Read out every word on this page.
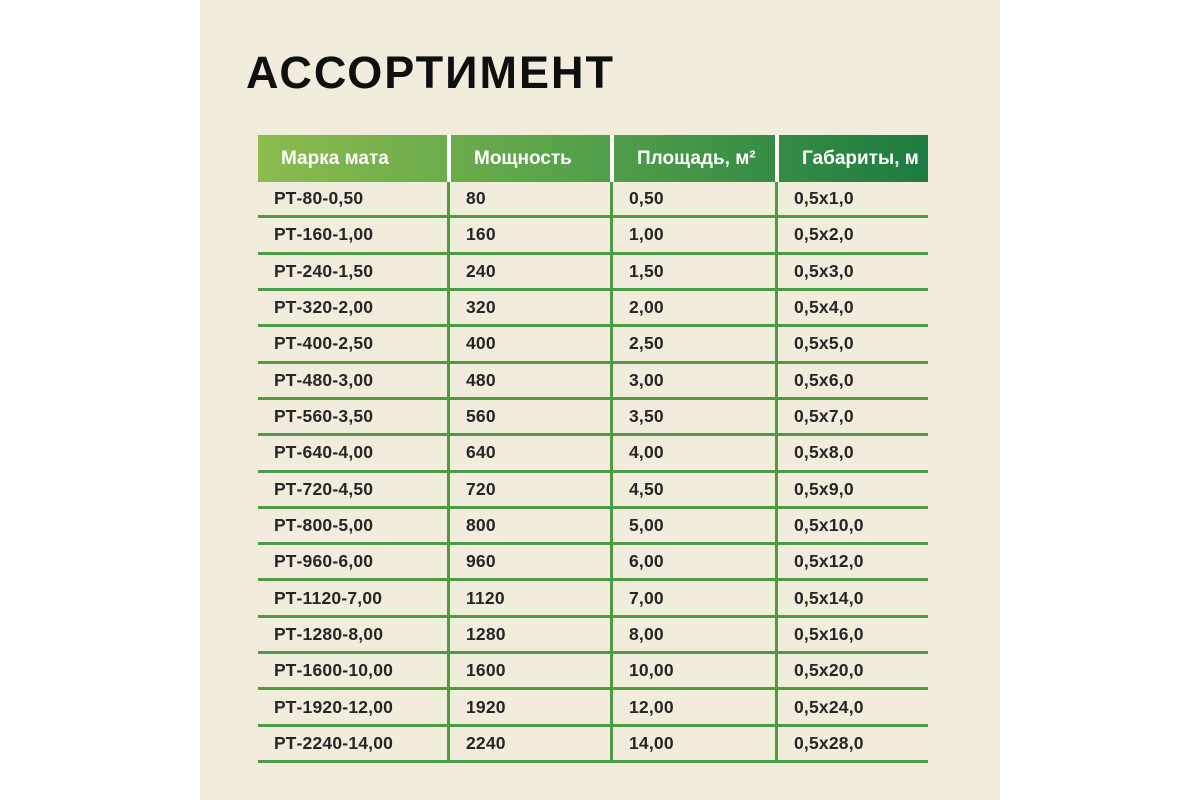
АССОРТИМЕНТ
Марка мата	Мощность	Площадь, м²	Габариты, м
РТ-80-0,50	80	0,50	0,5x1,0
РТ-160-1,00	160	1,00	0,5x2,0
РТ-240-1,50	240	1,50	0,5x3,0
РТ-320-2,00	320	2,00	0,5x4,0
РТ-400-2,50	400	2,50	0,5x5,0
РТ-480-3,00	480	3,00	0,5x6,0
РТ-560-3,50	560	3,50	0,5x7,0
РТ-640-4,00	640	4,00	0,5x8,0
РТ-720-4,50	720	4,50	0,5x9,0
РТ-800-5,00	800	5,00	0,5x10,0
РТ-960-6,00	960	6,00	0,5x12,0
РТ-1120-7,00	1120	7,00	0,5x14,0
РТ-1280-8,00	1280	8,00	0,5x16,0
РТ-1600-10,00	1600	10,00	0,5x20,0
РТ-1920-12,00	1920	12,00	0,5x24,0
РТ-2240-14,00	2240	14,00	0,5x28,0
